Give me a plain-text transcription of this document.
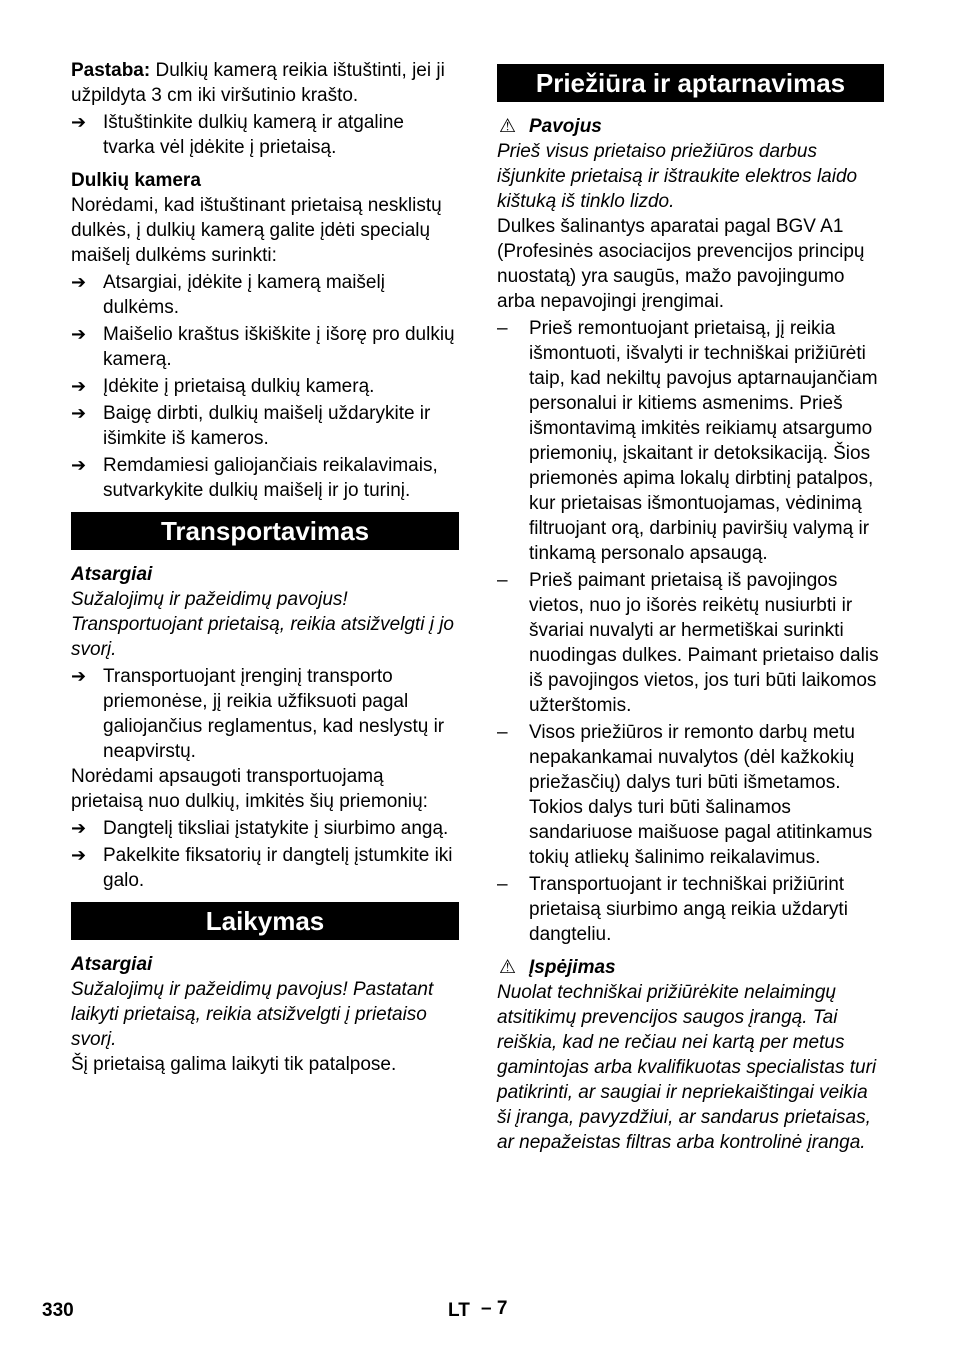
Pastaba: Dulkių kamerą reikia ištuštinti, jei ji užpildyta 3 cm iki viršutinio krašto.

➔ Ištuštinkite dulkių kamerą ir atgaline tvarka vėl įdėkite į prietaisą.

Dulkių kamera

Norėdami, kad ištuštinant prietaisą nesklistų dulkės, į dulkių kamerą galite įdėti specialų maišelį dulkėms surinkti:

➔ Atsargiai, įdėkite į kamerą maišelį dulkėms.
➔ Maišelio kraštus iškiškite į išorę pro dulkių kamerą.
➔ Įdėkite į prietaisą dulkių kamerą.
➔ Baigę dirbti, dulkių maišelį uždarykite ir išimkite iš kameros.
➔ Remdamiesi galiojančiais reikalavimais, sutvarkykite dulkių maišelį ir jo turinį.
Transportavimas

Atsargiai

Sužalojimų ir pažeidimų pavojus! Transportuojant prietaisą, reikia atsižvelgti į jo svorį.

➔ Transportuojant įrenginį transporto priemonėse, jį reikia užfiksuoti pagal galiojančius reglamentus, kad neslystų ir neapvirstų.

Norėdami apsaugoti transportuojamą prietaisą nuo dulkių, imkitės šių priemonių:

➔ Dangtelį tiksliai įstatykite į siurbimo angą.
➔ Pakelkite fiksatorių ir dangtelį įstumkite iki galo.
Laikymas

Atsargiai

Sužalojimų ir pažeidimų pavojus! Pastatant laikyti prietaisą, reikia atsižvelgti į prietaiso svorį.

Šį prietaisą galima laikyti tik patalpose.

Priežiūra ir aptarnavimas
⚠ Pavojus

Prieš visus prietaiso priežiūros darbus išjunkite prietaisą ir ištraukite elektros laido kištuką iš tinklo lizdo.

Dulkes šalinantys aparatai pagal BGV A1 (Profesinės asociacijos prevencijos principų nuostatą) yra saugūs, mažo pavojingumo arba nepavojingi įrengimai.

– Prieš remontuojant prietaisą, jį reikia išmontuoti, išvalyti ir techniškai prižiūrėti taip, kad nekiltų pavojus aptarnaujančiam personalui ir kitiems asmenims. Prieš išmontavimą imkitės reikiamų atsargumo priemonių, įskaitant ir detoksikaciją. Šios priemonės apima lokalų dirbtinį patalpos, kur prietaisas išmontuojamas, vėdinimą filtruojant orą, darbinių paviršių valymą ir tinkamą personalo apsaugą.
– Prieš paimant prietaisą iš pavojingos vietos, nuo jo išorės reikėtų nusiurbti ir švariai nuvalyti ar hermetiškai surinkti nuodingas dulkes. Paimant prietaiso dalis iš pavojingos vietos, jos turi būti laikomos užterštomis.
– Visos priežiūros ir remonto darbų metu nepakankamai nuvalytos (dėl kažkokių priežasčių) dalys turi būti išmetamos. Tokios dalys turi būti šalinamos sandariuose maišuose pagal atitinkamus tokių atliekų šalinimo reikalavimus.
– Transportuojant ir techniškai prižiūrint prietaisą siurbimo angą reikia uždaryti dangteliu.
⚠ Įspėjimas

Nuolat techniškai prižiūrėkite nelaimingų atsitikimų prevencijos saugos įrangą. Tai reiškia, kad ne rečiau nei kartą per metus gamintojas arba kvalifikuotas specialistas turi patikrinti, ar saugiai ir nepriekaištingai veikia ši įranga, pavyzdžiui, ar sandarus prietaisas, ar nepažeistas filtras arba kontrolinė įranga.

330	LT – 7
